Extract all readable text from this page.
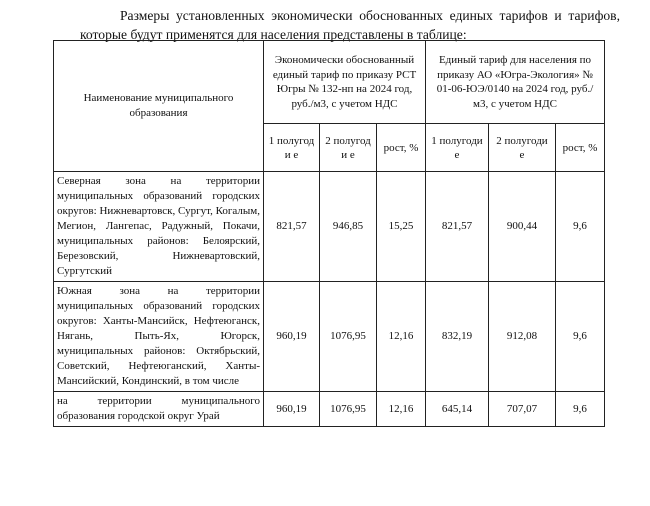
Размеры установленных экономически обоснованных единых тарифов и тарифов, которые будут применятся для населения представлены в таблице:

Наименование муниципального образования	Экономически обоснованный единый тариф по приказу РСТ Югры № 132-нп на 2024 год, руб./м3, с учетом НДС			Единый тариф для населения по приказу АО «Югра-Экология» № 01-06-ЮЭ/0140 на 2024 год, руб./м3, с учетом НДС		
	1 полугоди е	2 полугоди е	рост, %	1 полугоди е	2 полугоди е	рост, %
Северная зона на территории муниципальных образований городских округов: Нижневартовск, Сургут, Когалым, Мегион, Лангепас, Радужный, Покачи, муниципальных районов: Белоярский, Березовский, Нижневартовский, Сургутский	821,57	946,85	15,25	821,57	900,44	9,6
Южная зона на территории муниципальных образований городских округов: Ханты-Мансийск, Нефтеюганск, Нягань, Пыть-Ях, Югорск, муниципальных районов: Октябрьский, Советский, Нефтеюганский, Ханты-Мансийский, Кондинский, в том числе	960,19	1076,95	12,16	832,19	912,08	9,6
на территории муниципального образования городской округ Урай	960,19	1076,95	12,16	645,14	707,07	9,6
